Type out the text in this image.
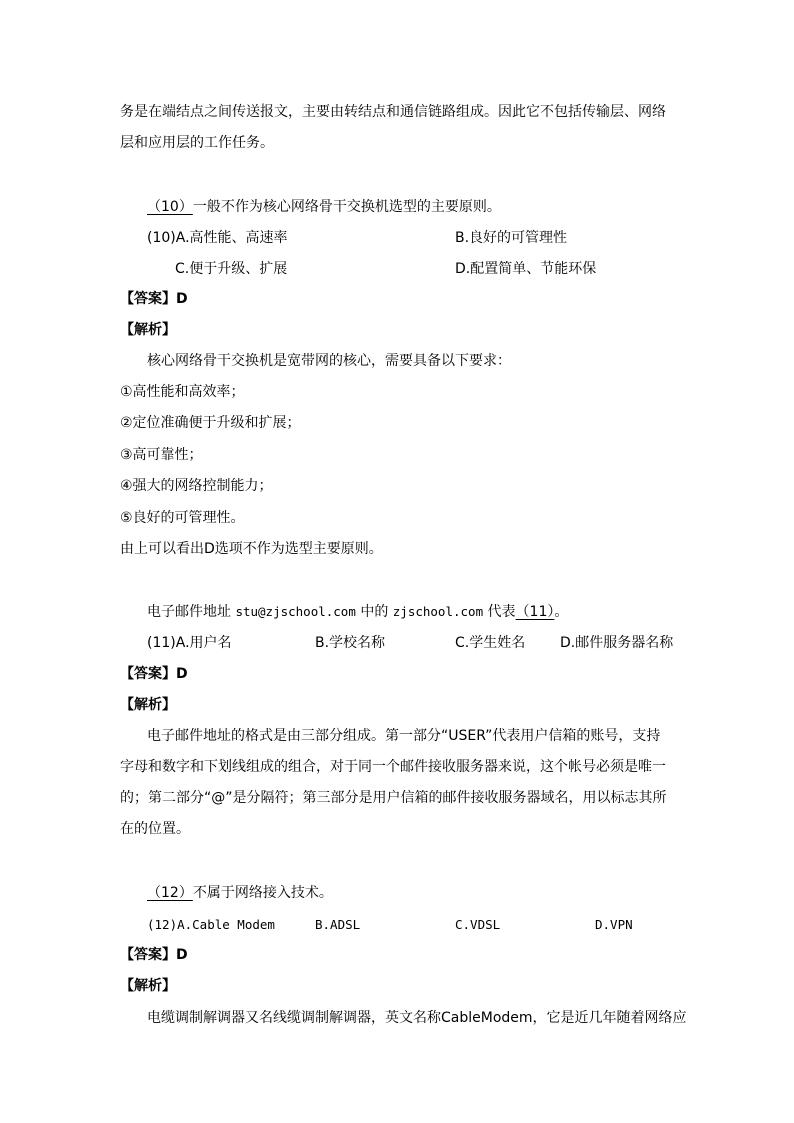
务是在端结点之间传送报文，主要由转结点和通信链路组成。因此它不包括传输层、网络
层和应用层的工作任务。
（10）一般不作为核心网络骨干交换机选型的主要原则。
(10)A.高性能、高速率	B.良好的可管理性
C.便于升级、扩展	D.配置简单、节能环保
【答案】D
【解析】
核心网络骨干交换机是宽带网的核心，需要具备以下要求：
①高性能和高效率；
②定位准确便于升级和扩展；
③高可靠性；
④强大的网络控制能力；
⑤良好的可管理性。
由上可以看出D选项不作为选型主要原则。
电子邮件地址 stu@zjschool.com 中的 zjschool.com 代表（11）。
(11)A.用户名	B.学校名称	C.学生姓名 D.邮件服务器名称
【答案】D
【解析】
电子邮件地址的格式是由三部分组成。第一部分“USER”代表用户信箱的账号，支持
字母和数字和下划线组成的组合，对于同一个邮件接收服务器来说，这个帐号必须是唯一
的；第二部分“@”是分隔符；第三部分是用户信箱的邮件接收服务器域名，用以标志其所
在的位置。
（12）不属于网络接入技术。
(12)A.Cable Modem	B.ADSL	C.VDSL	D.VPN
【答案】D
【解析】
电缆调制解调器又名线缆调制解调器，英文名称CableModem，它是近几年随着网络应
